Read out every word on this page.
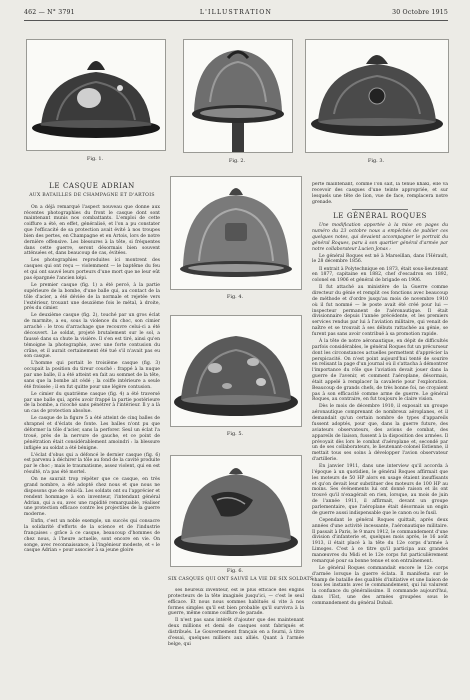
462 — N° 3791	L'ILLUSTRATION	30 Octobre 1915
Fig. 1.	Fig. 2.	Fig. 3.
Fig. 4.
Fig. 5.
Fig. 6.
SIX CASQUES QUI ONT SAUVÉ LA VIE DE SIX SOLDATS.
LE CASQUE ADRIAN
AUX BATAILLES DE CHAMPAGNE ET D'ARTOIS

On a déjà remarqué l'aspect nouveau que donne aux récentes photographies du front le casque dont sont maintenant munis nos combattants. L'emploi de cette coiffure a été, en effet, généralisé, et l'on a pu constater que l'efficacité de sa protection avait évité à nos troupes bien des pertes, en Champagne et en Artois, lors de notre dernière offensive. Les blessures à la tête, si fréquentes dans cette guerre, seront désormais bien souvent atténuées et, dans beaucoup de cas, évitées.

Les photographies reproduites ici montrent des casques qui ont reçu — violemment — le baptême du feu et qui ont sauvé leurs porteurs d'une mort que ne leur eût pas épargnée l'ancien képi.

Le premier casque (fig. 1) a été percé, à la partie supérieure de la bombe, d'une balle qui, au contact de la tôle d'acier, a été déviée de la normale et rejetée vers l'extérieur, trouant une deuxième fois le métal, à droite, près du cimier.

Le deuxième casque (fig. 2), touché par un gros éclat de marmite, a eu, sous la violence du choc, son cimier arraché : le trou d'arrachage que recouvre celui-ci a été découvert. Le soldat, projeté brutalement sur le sol, a faussé dans sa chute la visière. Il s'en est tiré, ainsi qu'en témoigne la photographie, avec une forte contusion du crâne, et il aurait certainement été tué s'il n'avait pas eu son casque.

L'homme qui portait le troisième casque (fig. 3) occupait la position du tireur couché : frappé à la nuque par une balle, il a été atteint en fait au sommet de la tête, sans que la bombe ait cédé ; la coiffe intérieure a seule été froissée ; il en fut quitte pour une légère contusion.

Le cimier du quatrième casque (fig. 4) a été traversé par une balle qui, après avoir frappé la partie postérieure de la bombe, a ricoché sans pénétrer à l'intérieur. Il y a là un cas de protection absolue.

Le casque de la figure 5 a été atteint de cinq balles de shrapnel et d'éclats de fonte. Les balles n'ont pu que déformer la tôle d'acier, sans la perforer. Seul un éclat l'a troué, près de la nervure de gauche, et ce point de pénétration était considérablement amoindri : la blessure infligée au soldat a été bénigne.

L'éclat d'obus qui a défoncé le dernier casque (fig. 6) est parvenu à déchirer la tôle au fond de la cavité produite par le choc ; mais le traumatisme, assez violent, qui en est résulté, n'a pas été mortel.

On ne saurait trop répéter que ce casque, en très grand nombre, a été adopté chez nous et que nous ne disposons que de celui-là. Les soldats ont su l'apprécier et rendent hommage à son inventeur, l'intendant général Adrian, qui a su, avec une rapidité remarquable, réaliser une protection efficace contre les projectiles de la guerre moderne.

Enfin, c'est un noble exemple, un succès qui consacre la solidarité d'efforts de la science et de l'industrie françaises : grâce à ce casque, beaucoup d'hommes de chez nous, à l'heure actuelle, sont encore en vie. On songe, avec reconnaissance, à l'ingénieur modeste, et « le casque Adrian » pour associer à sa jeune gloire

ses heureux inventeur, est le plus efficace des engins protecteurs de la tête imaginés jusqu'ici, — c'est le seul efficace. Et nous nous sommes habitués si vite à nos formes simples qu'il est bien probable qu'il survivra à la guerre, même comme coiffure de parade.

Il n'est pas sans intérêt d'ajouter que des maintenant deux millions et demi de casques sont fabriqués et distribués. Le Gouvernement français en a fourni, à titre d'essai, quelques milliers aux alliés. Quant à l'armée belge, qui

perte maintenant, comme l'on sait, la tenue khaki, elle va recevoir des casques d'une teinte appropriée, et sur lesquels une tête de lion, vue de face, remplacera notre grenade.

LE GÉNÉRAL ROQUES

Une modification apportée à la mise en pages du numéro du 23 octobre nous a empêchés de publier ces quelques notes, qui devaient accompagner le portrait du général Roques, paru à son quartier général d'armée par notre collaborateur Lucien Jonas :

Le général Roques est né à Marseillan, dans l'Hérault, le 28 décembre 1856.

Il entrait à Polytechnique en 1873, était sous-lieutenant en 1877, capitaine en 1882, chef d'escadron en 1892, colonel en 1906 et général de brigade en 1906.

Il fut attaché au ministère de la Guerre comme directeur du génie et remplit ces fonctions avec beaucoup de méthode et d'ordre jusqu'au mois de novembre 1910 où il fut nommé — le poste avait été créé pour lui — inspecteur permanent de l'aéronautique. Il était divisionnaire depuis l'année précédente, et les premiers services rendus par lui à l'aviation militaire, qui venait de naître et se trouvait à ses débuts rattachée au génie, se furent pas sans avoir contribué à sa promotion rapide.

À la tête de notre aéronautique, en dépit de difficultés parfois considérables, le général Roques fut un précurseur dont les circonstances actuelles permettent d'apprécier la perspicacité. On n'est point aujourd'hui tenté de sourire en relisant la page d'un journal où il s'attacha à démontrer l'importance du rôle que l'aviation devait jouer dans la guerre de l'avenir, et comment l'aéroplane, désormais, était appelé à remplacer la cavalerie pour l'exploration. Beaucoup de grands chefs, de très bonne foi, ne croyaient pas à son efficacité comme arme de guerre. Le général Roques, au contraire, en fut toujours le claire vision.

Dès le mois de décembre 1910, il exposait un groupe aéronautique comprenant de nombreux aéroplanes, et il demandait qu'un certain nombre de types d'appareils fussent adoptés, pour que, dans la guerre future, des aviateurs observateurs, des avions de combat, des appareils de liaison, fussent à la disposition des armées. Il prévoyait dès lors le combat d'aéroplane et, secondé par un de ses collaborateurs, le lieutenant-colonel Estienne, il mettait tous ses soins à développer l'avion observateur d'artillerie.

En janvier 1911, dans une interview qu'il accorda à l'époque à un quotidien, le général Roques affirmait que les moteurs de 50 HP alors en usage étaient insuffisants et qu'on devait leur substituer des moteurs de 100 HP au moins. Ses événements lui ont donné raison et ils ont trouvé qu'il n'exagérait en rien, lorsque, au mois de juin de l'année 1911, il affirmait, devant un groupe parlementaire, que l'aéroplane était désormais un engin de guerre aussi indispensable que le canon ou le fusil.

Cependant le général Roques quittait, après deux années d'une activité incessante, l'aéronautique militaire. Il passait à Paris, le 9 mars 1912, le commandement d'une division d'infanterie et, quelques mois après, le 16 août 1913, il était placé à la tête du 12e corps d'armée à Limoges. C'est à ce titre qu'il participa aux grandes manœuvres du Midi et le 12e corps fut particulièrement remarqué pour sa bonne tenue et son entraînement.

Le général Roques commandait encore le 12e corps d'armée lorsque la guerre éclata. Il manifesta sur le champ de bataille des qualités d'initiative et une liaison de tous les instants avec le commandement, qui lui valurent la confiance du généralissime. Il commande aujourd'hui, dans l'Est, une des armées groupées sous le commandement du général Dubail.
